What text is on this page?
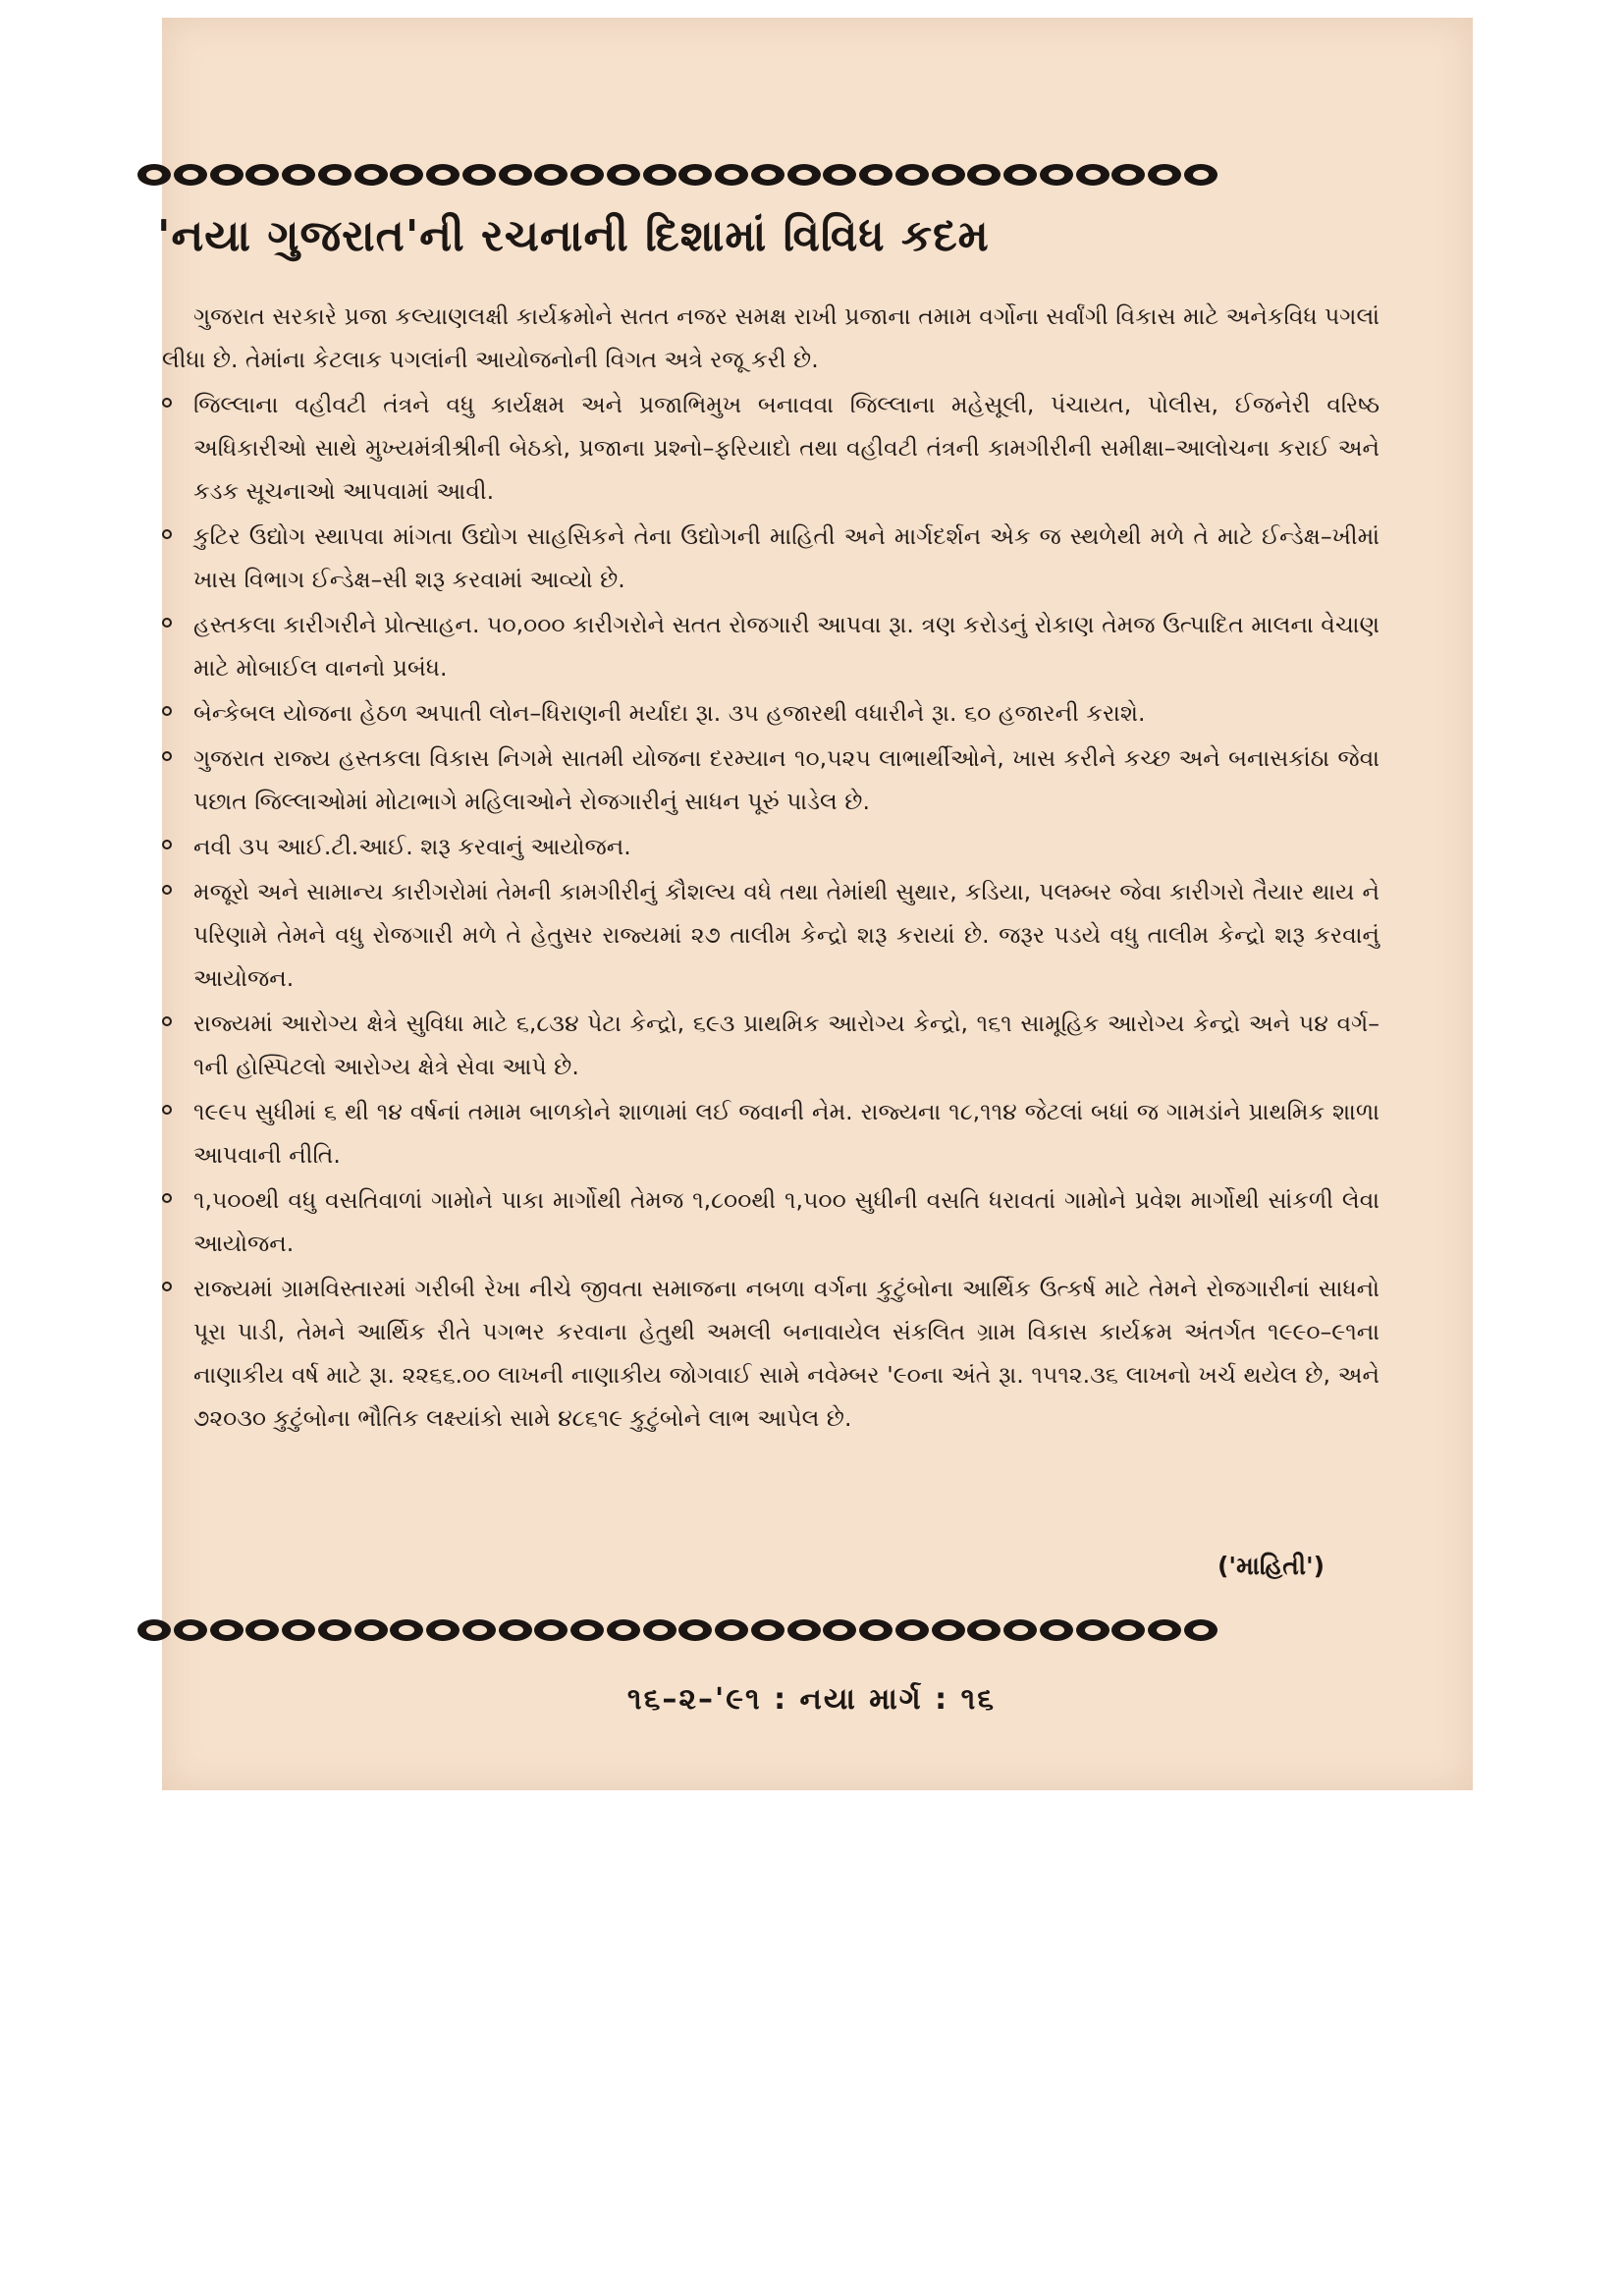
'નયા ગુજરાત'ની રચનાની દિશામાં વિવિધ કદમ

ગુજરાત સરકારે પ્રજા કલ્યાણલક્ષી કાર્યક્રમોને સતત નજર સમક્ષ રાખી પ્રજાના તમામ વર્ગોના સર્વાંગી વિકાસ માટે અનેકવિધ પગલાં લીધા છે. તેમાંના કેટલાક પગલાંની આયોજનોની વિગત અત્રે રજૂ કરી છે.

જિલ્લાના વહીવટી તંત્રને વધુ કાર્યક્ષમ અને પ્રજાભિમુખ બનાવવા જિલ્લાના મહેસૂલી, પંચાયત, પોલીસ, ઈજનેરી વરિષ્ઠ અધિકારીઓ સાથે મુખ્યમંત્રીશ્રીની બેઠકો, પ્રજાના પ્રશ્નો–ફરિયાદો તથા વહીવટી તંત્રની કામગીરીની સમીક્ષા–આલોચના કરાઈ અને કડક સૂચનાઓ આપવામાં આવી.
કુટિર ઉદ્યોગ સ્થાપવા માંગતા ઉદ્યોગ સાહસિકને તેના ઉદ્યોગની માહિતી અને માર્ગદર્શન એક જ સ્થળેથી મળે તે માટે ઈન્ડેક્ષ–ખીમાં ખાસ વિભાગ ઈન્ડેક્ષ–સી શરૂ કરવામાં આવ્યો છે.
હસ્તકલા કારીગરીને પ્રોત્સાહન. ૫૦,૦૦૦ કારીગરોને સતત રોજગારી આપવા રૂા. ત્રણ કરોડનું રોકાણ તેમજ ઉત્પાદિત માલના વેચાણ માટે મોબાઈલ વાનનો પ્રબંધ.
બેન્કેબલ યોજના હેઠળ અપાતી લોન–ધિરાણની મર્યાદા રૂા. ૩૫ હજારથી વધારીને રૂા. ૬૦ હજારની કરાશે.
ગુજરાત રાજ્ય હસ્તકલા વિકાસ નિગમે સાતમી યોજના દરમ્યાન ૧૦,૫૨૫ લાભાર્થીઓને, ખાસ કરીને કચ્છ અને બનાસકાંઠા જેવા પછાત જિલ્લાઓમાં મોટાભાગે મહિલાઓને રોજગારીનું સાધન પૂરું પાડેલ છે.
નવી ૩૫ આઈ.ટી.આઈ. શરૂ કરવાનું આયોજન.
મજૂરો અને સામાન્ય કારીગરોમાં તેમની કામગીરીનું કૌશલ્ય વધે તથા તેમાંથી સુથાર, કડિયા, પલમ્બર જેવા કારીગરો તૈયાર થાય ને પરિણામે તેમને વધુ રોજગારી મળે તે હેતુસર રાજ્યમાં ૨૭ તાલીમ કેન્દ્રો શરૂ કરાયાં છે. જરૂર પડયે વધુ તાલીમ કેન્દ્રો શરૂ કરવાનું આયોજન.
રાજ્યમાં આરોગ્ય ક્ષેત્રે સુવિધા માટે ૬,૮૩૪ પેટા કેન્દ્રો, ૬૯૩ પ્રાથમિક આરોગ્ય કેન્દ્રો, ૧૬૧ સામૂહિક આરોગ્ય કેન્દ્રો અને ૫૪ વર્ગ–૧ની હોસ્પિટલો આરોગ્ય ક્ષેત્રે સેવા આપે છે.
૧૯૯૫ સુધીમાં ૬ થી ૧૪ વર્ષનાં તમામ બાળકોને શાળામાં લઈ જવાની નેમ. રાજ્યના ૧૮,૧૧૪ જેટલાં બધાં જ ગામડાંને પ્રાથમિક શાળા આપવાની નીતિ.
૧,૫૦૦થી વધુ વસતિવાળાં ગામોને પાકા માર્ગોથી તેમજ ૧,૮૦૦થી ૧,૫૦૦ સુધીની વસતિ ધરાવતાં ગામોને પ્રવેશ માર્ગોથી સાંકળી લેવા આયોજન.
રાજ્યમાં ગ્રામવિસ્તારમાં ગરીબી રેખા નીચે જીવતા સમાજના નબળા વર્ગના કુટુંબોના આર્થિક ઉત્કર્ષ માટે તેમને રોજગારીનાં સાધનો પૂરા પાડી, તેમને આર્થિક રીતે પગભર કરવાના હેતુથી અમલી બનાવાયેલ સંકલિત ગ્રામ વિકાસ કાર્યક્રમ અંતર્ગત ૧૯૯૦–૯૧ના નાણાકીય વર્ષ માટે રૂા. ૨૨૬૬.૦૦ લાખની નાણાકીય જોગવાઈ સામે નવેમ્બર '૯૦ના અંતે રૂા. ૧૫૧૨.૩૬ લાખનો ખર્ચ થયેલ છે, અને ૭૨૦૩૦ કુટુંબોના ભૌતિક લક્ષ્યાંકો સામે ૪૮૬૧૯ કુટુંબોને લાભ આપેલ છે.
('માહિતી')
૧૬–૨–'૯૧ : નયા માર્ગ : ૧૬
